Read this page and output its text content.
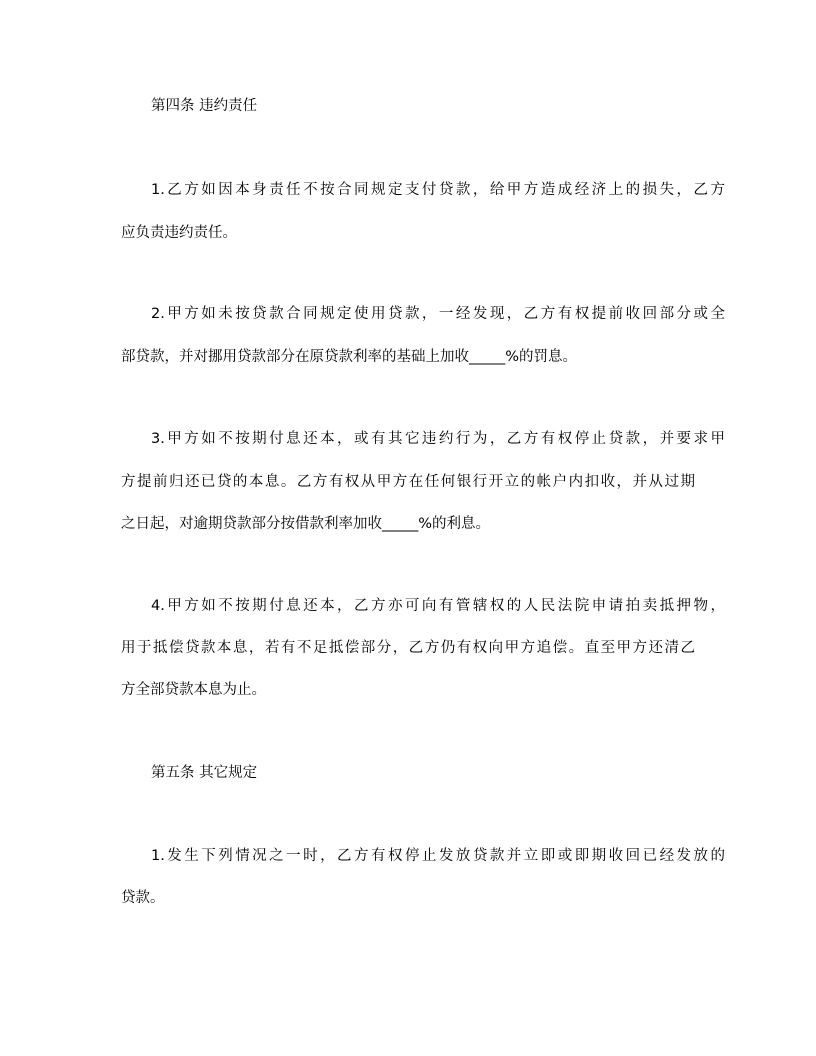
第四条 违约责任
1.乙方如因本身责任不按合同规定支付贷款，给甲方造成经济上的损失，乙方
应负责违约责任。
2.甲方如未按贷款合同规定使用贷款，一经发现，乙方有权提前收回部分或全
部贷款，并对挪用贷款部分在原贷款利率的基础上加收_____%的罚息。
3.甲方如不按期付息还本，或有其它违约行为，乙方有权停止贷款，并要求甲
方提前归还已贷的本息。乙方有权从甲方在任何银行开立的帐户内扣收，并从过期
之日起，对逾期贷款部分按借款利率加收_____%的利息。
4.甲方如不按期付息还本，乙方亦可向有管辖权的人民法院申请拍卖抵押物，
用于抵偿贷款本息，若有不足抵偿部分，乙方仍有权向甲方追偿。直至甲方还清乙
方全部贷款本息为止。
第五条 其它规定
1.发生下列情况之一时，乙方有权停止发放贷款并立即或即期收回已经发放的
贷款。
